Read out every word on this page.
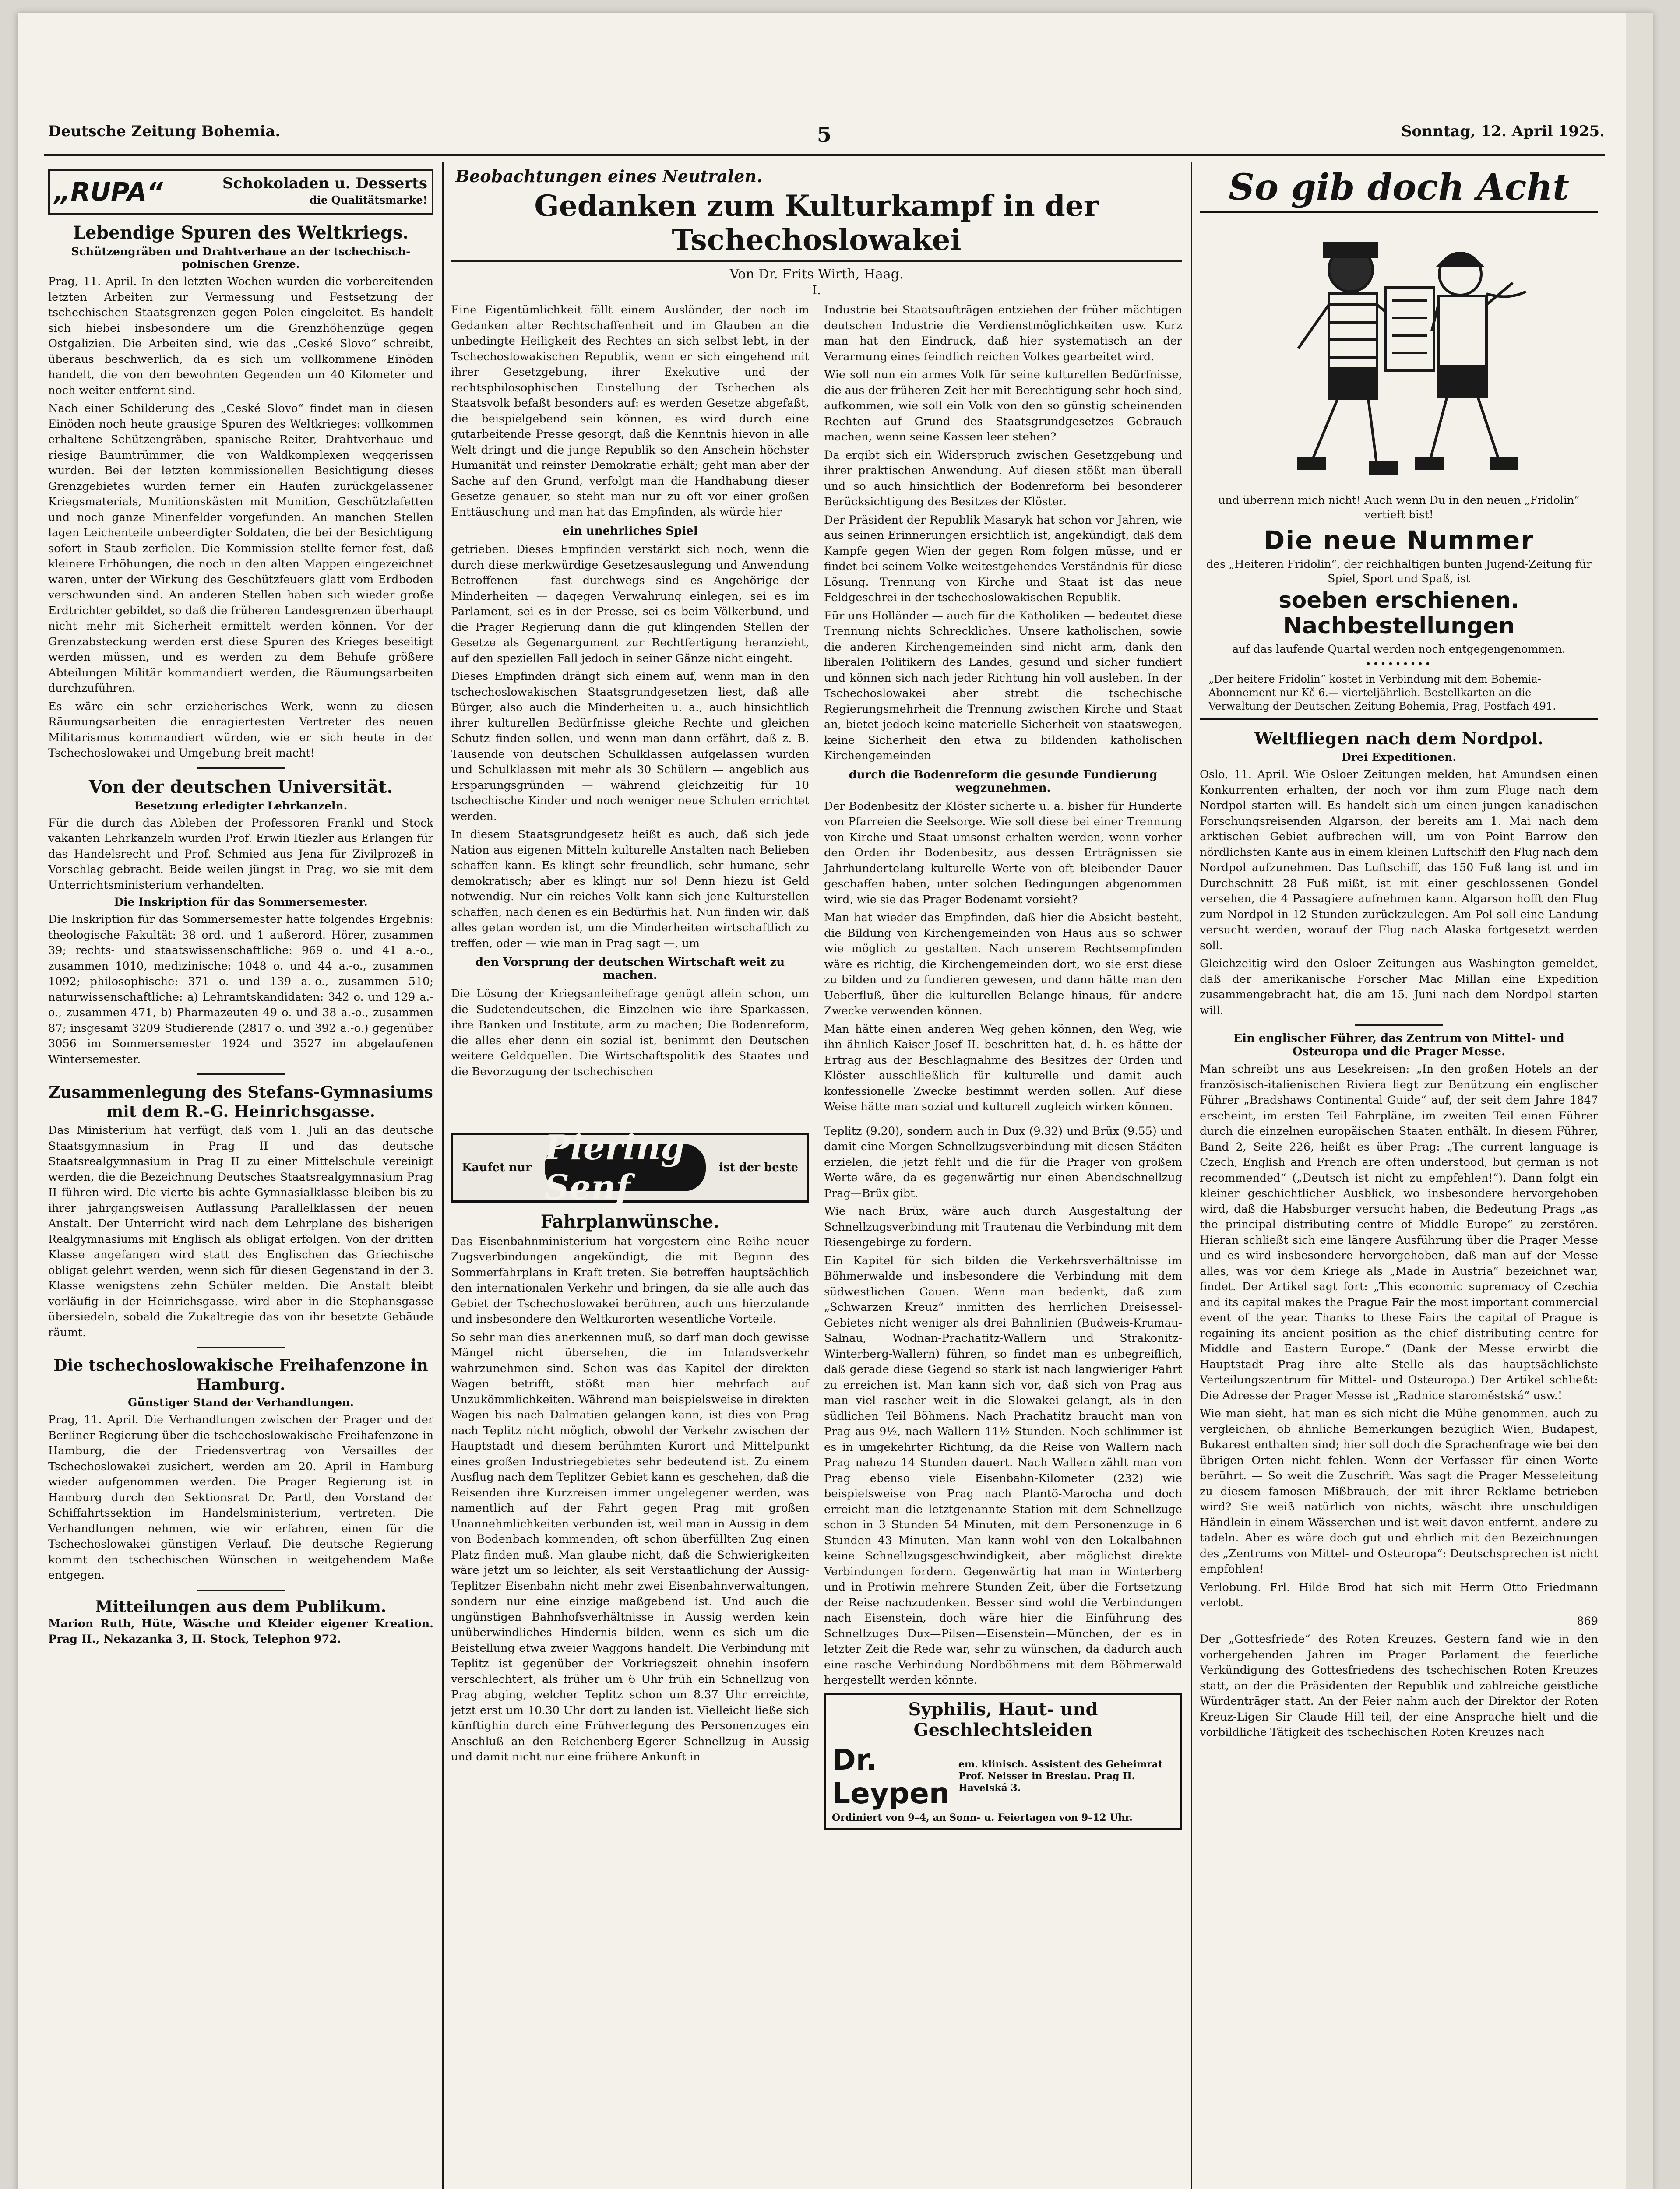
Deutsche Zeitung Bohemia.	5	Sonntag, 12. April 1925.
„RUPA“	Schokoladen u. Desserts
die Qualitätsmarke!
Lebendige Spuren des Weltkriegs.
Schützengräben und Drahtverhaue an der tschechisch-polnischen Grenze.

Prag, 11. April. In den letzten Wochen wurden die vorbereitenden letzten Arbeiten zur Vermessung und Festsetzung der tschechischen Staatsgrenzen gegen Polen eingeleitet. Es handelt sich hiebei insbesondere um die Grenzhöhenzüge gegen Ostgalizien. Die Arbeiten sind, wie das „Ceské Slovo“ schreibt, überaus beschwerlich, da es sich um vollkommene Einöden handelt, die von den bewohnten Gegenden um 40 Kilometer und noch weiter entfernt sind.

Nach einer Schilderung des „Ceské Slovo“ findet man in diesen Einöden noch heute grausige Spuren des Weltkrieges: vollkommen erhaltene Schützengräben, spanische Reiter, Drahtverhaue und riesige Baumtrümmer, die von Waldkomplexen weggerissen wurden. Bei der letzten kommissionellen Besichtigung dieses Grenzgebietes wurden ferner ein Haufen zurückgelassener Kriegsmaterials, Munitionskästen mit Munition, Geschützlafetten und noch ganze Minenfelder vorgefunden. An manchen Stellen lagen Leichenteile unbeerdigter Soldaten, die bei der Besichtigung sofort in Staub zerfielen. Die Kommission stellte ferner fest, daß kleinere Erhöhungen, die noch in den alten Mappen eingezeichnet waren, unter der Wirkung des Geschützfeuers glatt vom Erdboden verschwunden sind. An anderen Stellen haben sich wieder große Erdtrichter gebildet, so daß die früheren Landesgrenzen überhaupt nicht mehr mit Sicherheit ermittelt werden können. Vor der Grenzabsteckung werden erst diese Spuren des Krieges beseitigt werden müssen, und es werden zu dem Behufe größere Abteilungen Militär kommandiert werden, die Räumungsarbeiten durchzuführen.

Es wäre ein sehr erzieherisches Werk, wenn zu diesen Räumungsarbeiten die enragiertesten Vertreter des neuen Militarismus kommandiert würden, wie er sich heute in der Tschechoslowakei und Umgebung breit macht!

Von der deutschen Universität.
Besetzung erledigter Lehrkanzeln.

Für die durch das Ableben der Professoren Frankl und Stock vakanten Lehrkanzeln wurden Prof. Erwin Riezler aus Erlangen für das Handelsrecht und Prof. Schmied aus Jena für Zivilprozeß in Vorschlag gebracht. Beide weilen jüngst in Prag, wo sie mit dem Unterrichtsministerium verhandelten.

Die Inskription für das Sommersemester.

Die Inskription für das Sommersemester hatte folgendes Ergebnis: theologische Fakultät: 38 ord. und 1 außerord. Hörer, zusammen 39; rechts- und staatswissenschaftliche: 969 o. und 41 a.-o., zusammen 1010, medizinische: 1048 o. und 44 a.-o., zusammen 1092; philosophische: 371 o. und 139 a.-o., zusammen 510; naturwissenschaftliche: a) Lehramtskandidaten: 342 o. und 129 a.-o., zusammen 471, b) Pharmazeuten 49 o. und 38 a.-o., zusammen 87; insgesamt 3209 Studierende (2817 o. und 392 a.-o.) gegenüber 3056 im Sommersemester 1924 und 3527 im abgelaufenen Wintersemester.

Zusammenlegung des Stefans-Gymnasiums mit dem R.-G. Heinrichsgasse.

Das Ministerium hat verfügt, daß vom 1. Juli an das deutsche Staatsgymnasium in Prag II und das deutsche Staatsrealgymnasium in Prag II zu einer Mittelschule vereinigt werden, die die Bezeichnung Deutsches Staatsrealgymnasium Prag II führen wird. Die vierte bis achte Gymnasialklasse bleiben bis zu ihrer jahrgangsweisen Auflassung Parallelklassen der neuen Anstalt. Der Unterricht wird nach dem Lehrplane des bisherigen Realgymnasiums mit Englisch als obligat erfolgen. Von der dritten Klasse angefangen wird statt des Englischen das Griechische obligat gelehrt werden, wenn sich für diesen Gegenstand in der 3. Klasse wenigstens zehn Schüler melden. Die Anstalt bleibt vorläufig in der Heinrichsgasse, wird aber in die Stephansgasse übersiedeln, sobald die Zukaltregie das von ihr besetzte Gebäude räumt.

Die tschechoslowakische Freihafenzone in Hamburg.
Günstiger Stand der Verhandlungen.

Prag, 11. April. Die Verhandlungen zwischen der Prager und der Berliner Regierung über die tschechoslowakische Freihafenzone in Hamburg, die der Friedensvertrag von Versailles der Tschechoslowakei zusichert, werden am 20. April in Hamburg wieder aufgenommen werden. Die Prager Regierung ist in Hamburg durch den Sektionsrat Dr. Partl, den Vorstand der Schiffahrtssektion im Handelsministerium, vertreten. Die Verhandlungen nehmen, wie wir erfahren, einen für die Tschechoslowakei günstigen Verlauf. Die deutsche Regierung kommt den tschechischen Wünschen in weitgehendem Maße entgegen.

Mitteilungen aus dem Publikum.

Marion Ruth, Hüte, Wäsche und Kleider eigener Kreation. Prag II., Nekazanka 3, II. Stock, Telephon 972.

Beobachtungen eines Neutralen.
Gedanken zum Kulturkampf in der Tschechoslowakei
Von Dr. Frits Wirth, Haag.
I.

Eine Eigentümlichkeit fällt einem Ausländer, der noch im Gedanken alter Rechtschaffenheit und im Glauben an die unbedingte Heiligkeit des Rechtes an sich selbst lebt, in der Tschechoslowakischen Republik, wenn er sich eingehend mit ihrer Gesetzgebung, ihrer Exekutive und der rechtsphilosophischen Einstellung der Tschechen als Staatsvolk befaßt besonders auf: es werden Gesetze abgefaßt, die beispielgebend sein können, es wird durch eine gutarbeitende Presse gesorgt, daß die Kenntnis hievon in alle Welt dringt und die junge Republik so den Anschein höchster Humanität und reinster Demokratie erhält; geht man aber der Sache auf den Grund, verfolgt man die Handhabung dieser Gesetze genauer, so steht man nur zu oft vor einer großen Enttäuschung und man hat das Empfinden, als würde hier

ein unehrliches Spiel

getrieben. Dieses Empfinden verstärkt sich noch, wenn die durch diese merkwürdige Gesetzesauslegung und Anwendung Betroffenen — fast durchwegs sind es Angehörige der Minderheiten — dagegen Verwahrung einlegen, sei es im Parlament, sei es in der Presse, sei es beim Völkerbund, und die Prager Regierung dann die gut klingenden Stellen der Gesetze als Gegenargument zur Rechtfertigung heranzieht, auf den speziellen Fall jedoch in seiner Gänze nicht eingeht.

Dieses Empfinden drängt sich einem auf, wenn man in den tschechoslowakischen Staatsgrundgesetzen liest, daß alle Bürger, also auch die Minderheiten u. a., auch hinsichtlich ihrer kulturellen Bedürfnisse gleiche Rechte und gleichen Schutz finden sollen, und wenn man dann erfährt, daß z. B. Tausende von deutschen Schulklassen aufgelassen wurden und Schulklassen mit mehr als 30 Schülern — angeblich aus Ersparungsgründen — während gleichzeitig für 10 tschechische Kinder und noch weniger neue Schulen errichtet werden.

In diesem Staatsgrundgesetz heißt es auch, daß sich jede Nation aus eigenen Mitteln kulturelle Anstalten nach Belieben schaffen kann. Es klingt sehr freundlich, sehr humane, sehr demokratisch; aber es klingt nur so! Denn hiezu ist Geld notwendig. Nur ein reiches Volk kann sich jene Kulturstellen schaffen, nach denen es ein Bedürfnis hat. Nun finden wir, daß alles getan worden ist, um die Minderheiten wirtschaftlich zu treffen, oder — wie man in Prag sagt —, um

den Vorsprung der deutschen Wirtschaft weit zu machen.

Die Lösung der Kriegsanleihefrage genügt allein schon, um die Sudetendeutschen, die Einzelnen wie ihre Sparkassen, ihre Banken und Institute, arm zu machen; Die Bodenreform, die alles eher denn ein sozial ist, benimmt den Deutschen weitere Geldquellen. Die Wirtschaftspolitik des Staates und die Bevorzugung der tschechischen

Industrie bei Staatsaufträgen entziehen der früher mächtigen deutschen Industrie die Verdienstmöglichkeiten usw. Kurz man hat den Eindruck, daß hier systematisch an der Verarmung eines feindlich reichen Volkes gearbeitet wird.

Wie soll nun ein armes Volk für seine kulturellen Bedürfnisse, die aus der früheren Zeit her mit Berechtigung sehr hoch sind, aufkommen, wie soll ein Volk von den so günstig scheinenden Rechten auf Grund des Staatsgrundgesetzes Gebrauch machen, wenn seine Kassen leer stehen?

Da ergibt sich ein Widerspruch zwischen Gesetzgebung und ihrer praktischen Anwendung. Auf diesen stößt man überall und so auch hinsichtlich der Bodenreform bei besonderer Berücksichtigung des Besitzes der Klöster.

Der Präsident der Republik Masaryk hat schon vor Jahren, wie aus seinen Erinnerungen ersichtlich ist, angekündigt, daß dem Kampfe gegen Wien der gegen Rom folgen müsse, und er findet bei seinem Volke weitestgehendes Verständnis für diese Lösung. Trennung von Kirche und Staat ist das neue Feldgeschrei in der tschechoslowakischen Republik.

Für uns Holländer — auch für die Katholiken — bedeutet diese Trennung nichts Schreckliches. Unsere katholischen, sowie die anderen Kirchengemeinden sind nicht arm, dank den liberalen Politikern des Landes, gesund und sicher fundiert und können sich nach jeder Richtung hin voll ausleben. In der Tschechoslowakei aber strebt die tschechische Regierungsmehrheit die Trennung zwischen Kirche und Staat an, bietet jedoch keine materielle Sicherheit von staatswegen, keine Sicherheit den etwa zu bildenden katholischen Kirchengemeinden

durch die Bodenreform die gesunde Fundierung wegzunehmen.

Der Bodenbesitz der Klöster sicherte u. a. bisher für Hunderte von Pfarreien die Seelsorge. Wie soll diese bei einer Trennung von Kirche und Staat umsonst erhalten werden, wenn vorher den Orden ihr Bodenbesitz, aus dessen Erträgnissen sie Jahrhundertelang kulturelle Werte von oft bleibender Dauer geschaffen haben, unter solchen Bedingungen abgenommen wird, wie sie das Prager Bodenamt vorsieht?

Man hat wieder das Empfinden, daß hier die Absicht besteht, die Bildung von Kirchengemeinden von Haus aus so schwer wie möglich zu gestalten. Nach unserem Rechtsempfinden wäre es richtig, die Kirchengemeinden dort, wo sie erst diese zu bilden und zu fundieren gewesen, und dann hätte man den Ueberfluß, über die kulturellen Belange hinaus, für andere Zwecke verwenden können.

Man hätte einen anderen Weg gehen können, den Weg, wie ihn ähnlich Kaiser Josef II. beschritten hat, d. h. es hätte der Ertrag aus der Beschlagnahme des Besitzes der Orden und Klöster ausschließlich für kulturelle und damit auch konfessionelle Zwecke bestimmt werden sollen. Auf diese Weise hätte man sozial und kulturell zugleich wirken können.

Kaufet nur Piering Senf	ist der beste
Fahrplanwünsche.

Das Eisenbahnministerium hat vorgestern eine Reihe neuer Zugsverbindungen angekündigt, die mit Beginn des Sommerfahrplans in Kraft treten. Sie betreffen hauptsächlich den internationalen Verkehr und bringen, da sie alle auch das Gebiet der Tschechoslowakei berühren, auch uns hierzulande und insbesondere den Weltkurorten wesentliche Vorteile.

So sehr man dies anerkennen muß, so darf man doch gewisse Mängel nicht übersehen, die im Inlandsverkehr wahrzunehmen sind. Schon was das Kapitel der direkten Wagen betrifft, stößt man hier mehrfach auf Unzukömmlichkeiten. Während man beispielsweise in direkten Wagen bis nach Dalmatien gelangen kann, ist dies von Prag nach Teplitz nicht möglich, obwohl der Verkehr zwischen der Hauptstadt und diesem berühmten Kurort und Mittelpunkt eines großen Industriegebietes sehr bedeutend ist. Zu einem Ausflug nach dem Teplitzer Gebiet kann es geschehen, daß die Reisenden ihre Kurzreisen immer ungelegener werden, was namentlich auf der Fahrt gegen Prag mit großen Unannehmlichkeiten verbunden ist, weil man in Aussig in dem von Bodenbach kommenden, oft schon überfüllten Zug einen Platz finden muß. Man glaube nicht, daß die Schwierigkeiten wäre jetzt um so leichter, als seit Verstaatlichung der Aussig-Teplitzer Eisenbahn nicht mehr zwei Eisenbahnverwaltungen, sondern nur eine einzige maßgebend ist. Und auch die ungünstigen Bahnhofsverhältnisse in Aussig werden kein unüberwindliches Hindernis bilden, wenn es sich um die Beistellung etwa zweier Waggons handelt. Die Verbindung mit Teplitz ist gegenüber der Vorkriegszeit ohnehin insofern verschlechtert, als früher um 6 Uhr früh ein Schnellzug von Prag abging, welcher Teplitz schon um 8.37 Uhr erreichte, jetzt erst um 10.30 Uhr dort zu landen ist. Vielleicht ließe sich künftighin durch eine Frühverlegung des Personenzuges ein Anschluß an den Reichenberg-Egerer Schnellzug in Aussig und damit nicht nur eine frühere Ankunft in

Teplitz (9.20), sondern auch in Dux (9.32) und Brüx (9.55) und damit eine Morgen-Schnellzugsverbindung mit diesen Städten erzielen, die jetzt fehlt und die für die Prager von großem Werte wäre, da es gegenwärtig nur einen Abendschnellzug Prag—Brüx gibt.

Wie nach Brüx, wäre auch durch Ausgestaltung der Schnellzugsverbindung mit Trautenau die Verbindung mit dem Riesengebirge zu fordern.

Ein Kapitel für sich bilden die Verkehrsverhältnisse im Böhmerwalde und insbesondere die Verbindung mit dem südwestlichen Gauen. Wenn man bedenkt, daß zum „Schwarzen Kreuz“ inmitten des herrlichen Dreisessel-Gebietes nicht weniger als drei Bahnlinien (Budweis-Krumau-Salnau, Wodnan-Prachatitz-Wallern und Strakonitz-Winterberg-Wallern) führen, so findet man es unbegreiflich, daß gerade diese Gegend so stark ist nach langwieriger Fahrt zu erreichen ist. Man kann sich vor, daß sich von Prag aus man viel rascher weit in die Slowakei gelangt, als in den südlichen Teil Böhmens. Nach Prachatitz braucht man von Prag aus 9½, nach Wallern 11½ Stunden. Noch schlimmer ist es in umgekehrter Richtung, da die Reise von Wallern nach Prag nahezu 14 Stunden dauert. Nach Wallern zählt man von Prag ebenso viele Eisenbahn-Kilometer (232) wie beispielsweise von Prag nach Plantö-Marocha und doch erreicht man die letztgenannte Station mit dem Schnellzuge schon in 3 Stunden 54 Minuten, mit dem Personenzuge in 6 Stunden 43 Minuten. Man kann wohl von den Lokalbahnen keine Schnellzugsgeschwindigkeit, aber möglichst direkte Verbindungen fordern. Gegenwärtig hat man in Winterberg und in Protiwin mehrere Stunden Zeit, über die Fortsetzung der Reise nachzudenken. Besser sind wohl die Verbindungen nach Eisenstein, doch wäre hier die Einführung des Schnellzuges Dux—Pilsen—Eisenstein—München, der es in letzter Zeit die Rede war, sehr zu wünschen, da dadurch auch eine rasche Verbindung Nordböhmens mit dem Böhmerwald hergestellt werden könnte.

Syphilis, Haut- und Geschlechtsleiden
Dr. Leypen
em. klinisch. Assistent des Geheimrat Prof. Neisser in Breslau. Prag II. Havelská 3.
Ordiniert von 9–4, an Sonn- u. Feiertagen von 9–12 Uhr.
So gib doch Acht
und überrenn mich nicht! Auch wenn Du in den neuen „Fridolin“ vertieft bist!
Die neue Nummer
des „Heiteren Fridolin“, der reichhaltigen bunten Jugend-Zeitung für Spiel, Sport und Spaß, ist
soeben erschienen.
Nachbestellungen
auf das laufende Quartal werden noch entgegengenommen.
•••••••••
„Der heitere Fridolin“ kostet in Verbindung mit dem Bohemia-Abonnement nur Kč 6.— vierteljährlich. Bestellkarten an die Verwaltung der Deutschen Zeitung Bohemia, Prag, Postfach 491.
Weltfliegen nach dem Nordpol.
Drei Expeditionen.

Oslo, 11. April. Wie Osloer Zeitungen melden, hat Amundsen einen Konkurrenten erhalten, der noch vor ihm zum Fluge nach dem Nordpol starten will. Es handelt sich um einen jungen kanadischen Forschungsreisenden Algarson, der bereits am 1. Mai nach dem arktischen Gebiet aufbrechen will, um von Point Barrow den nördlichsten Kante aus in einem kleinen Luftschiff den Flug nach dem Nordpol aufzunehmen. Das Luftschiff, das 150 Fuß lang ist und im Durchschnitt 28 Fuß mißt, ist mit einer geschlossenen Gondel versehen, die 4 Passagiere aufnehmen kann. Algarson hofft den Flug zum Nordpol in 12 Stunden zurückzulegen. Am Pol soll eine Landung versucht werden, worauf der Flug nach Alaska fortgesetzt werden soll.

Gleichzeitig wird den Osloer Zeitungen aus Washington gemeldet, daß der amerikanische Forscher Mac Millan eine Expedition zusammengebracht hat, die am 15. Juni nach dem Nordpol starten will.

Ein englischer Führer, das Zentrum von Mittel- und Osteuropa und die Prager Messe.

Man schreibt uns aus Lesekreisen: „In den großen Hotels an der französisch-italienischen Riviera liegt zur Benützung ein englischer Führer „Bradshaws Continental Guide“ auf, der seit dem Jahre 1847 erscheint, im ersten Teil Fahrpläne, im zweiten Teil einen Führer durch die einzelnen europäischen Staaten enthält. In diesem Führer, Band 2, Seite 226, heißt es über Prag: „The current language is Czech, English and French are often understood, but german is not recommended“ („Deutsch ist nicht zu empfehlen!“). Dann folgt ein kleiner geschichtlicher Ausblick, wo insbesondere hervorgehoben wird, daß die Habsburger versucht haben, die Bedeutung Prags „as the principal distributing centre of Middle Europe“ zu zerstören. Hieran schließt sich eine längere Ausführung über die Prager Messe und es wird insbesondere hervorgehoben, daß man auf der Messe alles, was vor dem Kriege als „Made in Austria“ bezeichnet war, findet. Der Artikel sagt fort: „This economic supremacy of Czechia and its capital makes the Prague Fair the most important commercial event of the year. Thanks to these Fairs the capital of Prague is regaining its ancient position as the chief distributing centre for Middle and Eastern Europe.“ (Dank der Messe erwirbt die Hauptstadt Prag ihre alte Stelle als das hauptsächlichste Verteilungszentrum für Mittel- und Osteuropa.) Der Artikel schließt: Die Adresse der Prager Messe ist „Radnice staroměstská“ usw.!

Wie man sieht, hat man es sich nicht die Mühe genommen, auch zu vergleichen, ob ähnliche Bemerkungen bezüglich Wien, Budapest, Bukarest enthalten sind; hier soll doch die Sprachenfrage wie bei den übrigen Orten nicht fehlen. Wenn der Verfasser für einen Worte berührt. — So weit die Zuschrift. Was sagt die Prager Messeleitung zu diesem famosen Mißbrauch, der mit ihrer Reklame betrieben wird? Sie weiß natürlich von nichts, wäscht ihre unschuldigen Händlein in einem Wässerchen und ist weit davon entfernt, andere zu tadeln. Aber es wäre doch gut und ehrlich mit den Bezeichnungen des „Zentrums von Mittel- und Osteuropa“: Deutschsprechen ist nicht empfohlen!

Verlobung. Frl. Hilde Brod hat sich mit Herrn Otto Friedmann verlobt.

869

Der „Gottesfriede“ des Roten Kreuzes. Gestern fand wie in den vorhergehenden Jahren im Prager Parlament die feierliche Verkündigung des Gottesfriedens des tschechischen Roten Kreuzes statt, an der die Präsidenten der Republik und zahlreiche geistliche Würdenträger statt. An der Feier nahm auch der Direktor der Roten Kreuz-Ligen Sir Claude Hill teil, der eine Ansprache hielt und die vorbildliche Tätigkeit des tschechischen Roten Kreuzes nach
